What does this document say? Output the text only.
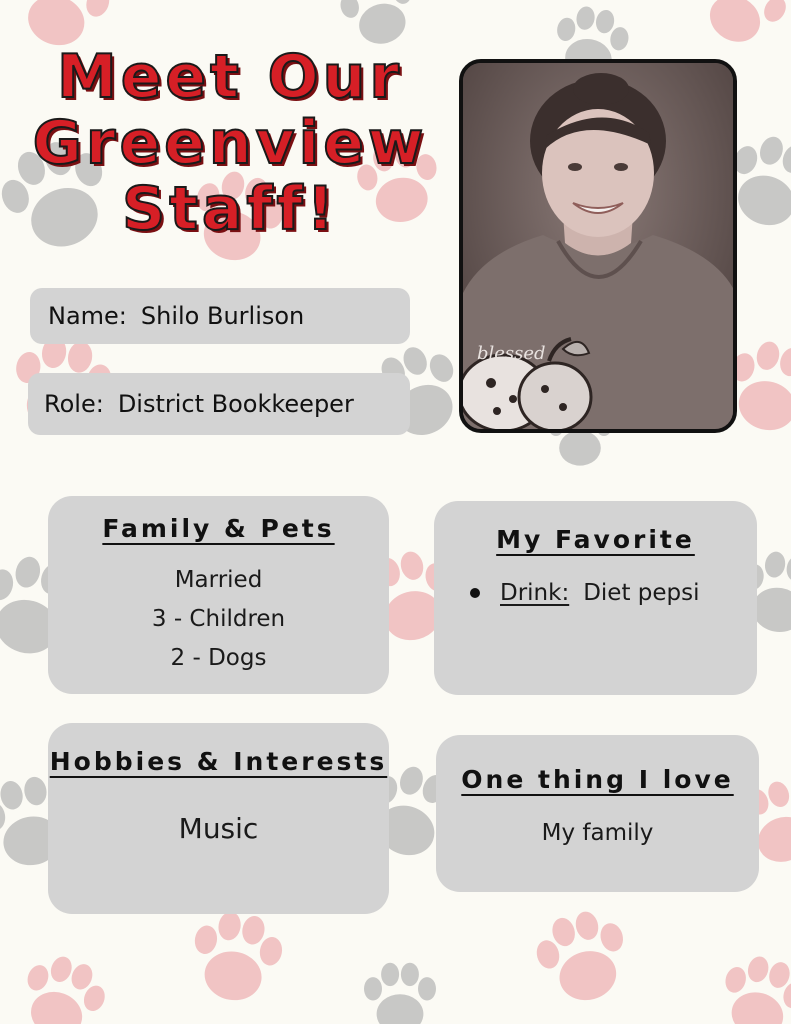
Meet Our
Greenview
Staff!
blessed
Name: Shilo Burlison
Role: District Bookkeeper
Family & Pets
Married
3 - Children
2 - Dogs
My Favorite
Drink: Diet pepsi
Hobbies & Interests
Music
One thing I love
My family
